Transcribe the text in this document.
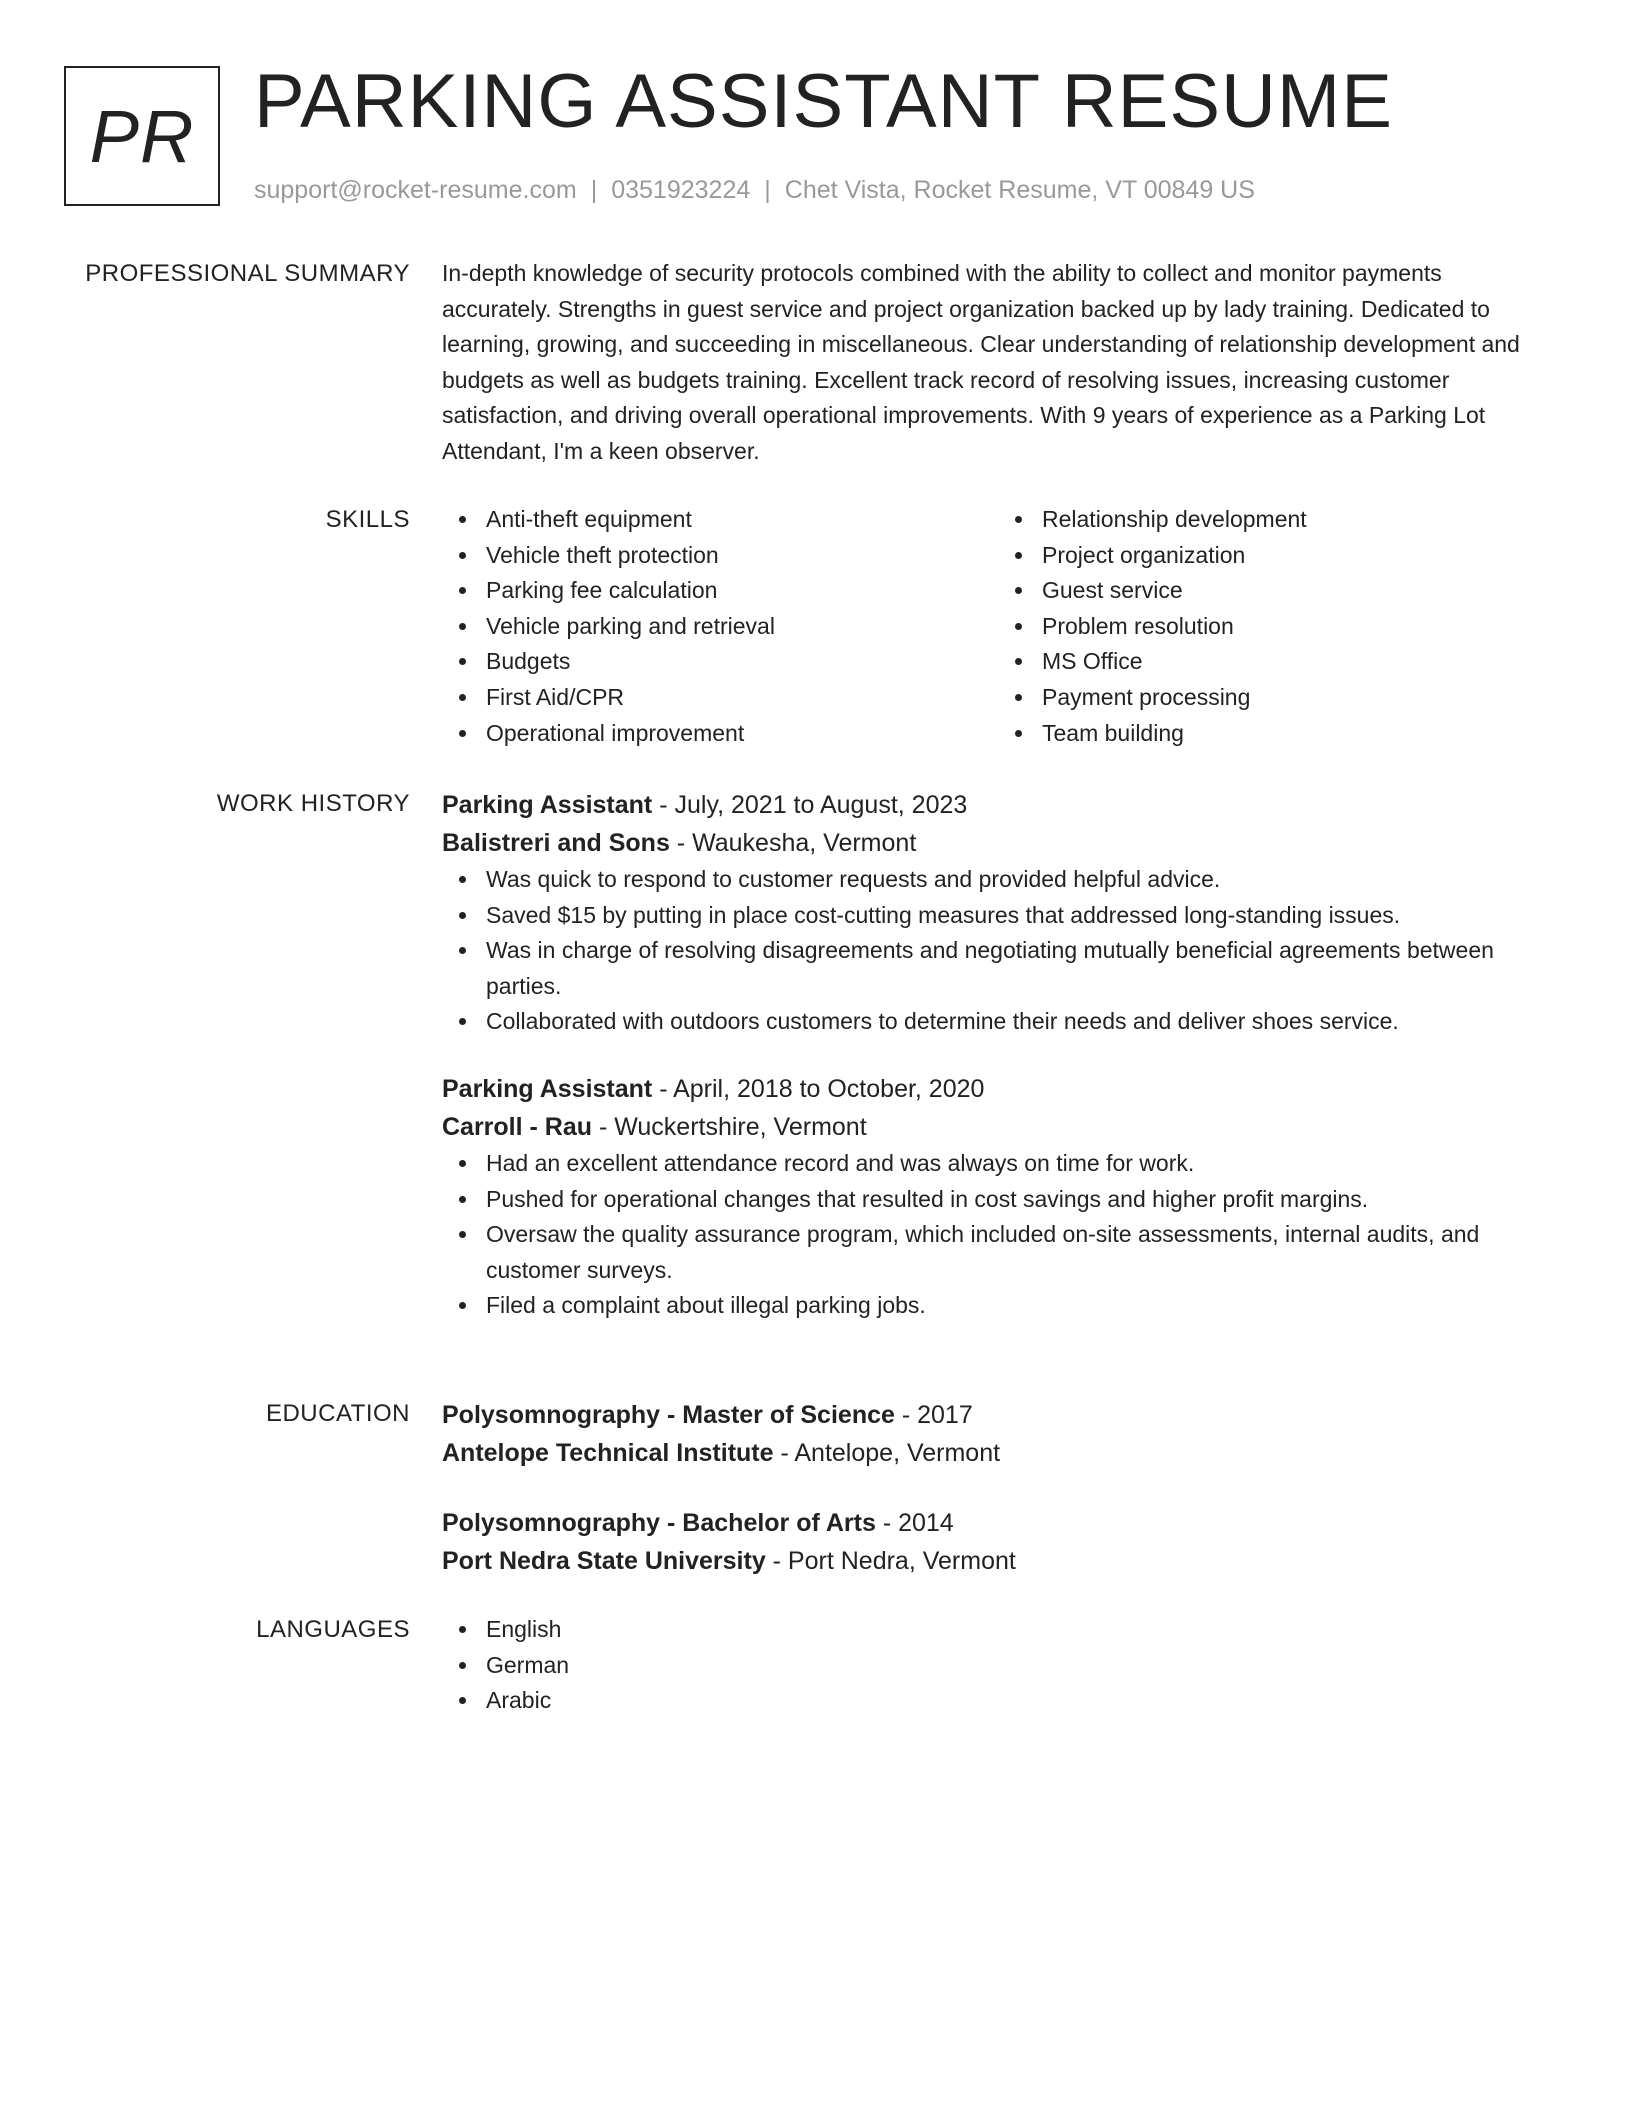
PR PARKING ASSISTANT RESUME
support@rocket-resume.com | 0351923224 | Chet Vista, Rocket Resume, VT 00849 US
PROFESSIONAL SUMMARY In-depth knowledge of security protocols combined with the ability to collect and monitor payments accurately. Strengths in guest service and project organization backed up by lady training. Dedicated to learning, growing, and succeeding in miscellaneous. Clear understanding of relationship development and budgets as well as budgets training. Excellent track record of resolving issues, increasing customer satisfaction, and driving overall operational improvements. With 9 years of experience as a Parking Lot Attendant, I'm a keen observer.

SKILLS	Anti-theft equipment
Vehicle theft protection
Parking fee calculation
Vehicle parking and retrieval
Budgets
First Aid/CPR
Operational improvement
Relationship development
Project organization
Guest service
Problem resolution
MS Office
Payment processing
Team building
WORK HISTORY Parking Assistant - July, 2021 to August, 2023
Balistreri and Sons - Waukesha, Vermont
Was quick to respond to customer requests and provided helpful advice.
Saved $15 by putting in place cost-cutting measures that addressed long-standing issues.
Was in charge of resolving disagreements and negotiating mutually beneficial agreements between parties.
Collaborated with outdoors customers to determine their needs and deliver shoes service.
Parking Assistant - April, 2018 to October, 2020
Carroll - Rau - Wuckertshire, Vermont
Had an excellent attendance record and was always on time for work.
Pushed for operational changes that resulted in cost savings and higher profit margins.
Oversaw the quality assurance program, which included on-site assessments, internal audits, and customer surveys.
Filed a complaint about illegal parking jobs.
EDUCATION Polysomnography - Master of Science - 2017
Antelope Technical Institute - Antelope, Vermont
Polysomnography - Bachelor of Arts - 2014
Port Nedra State University - Port Nedra, Vermont
LANGUAGES	English
German
Arabic
